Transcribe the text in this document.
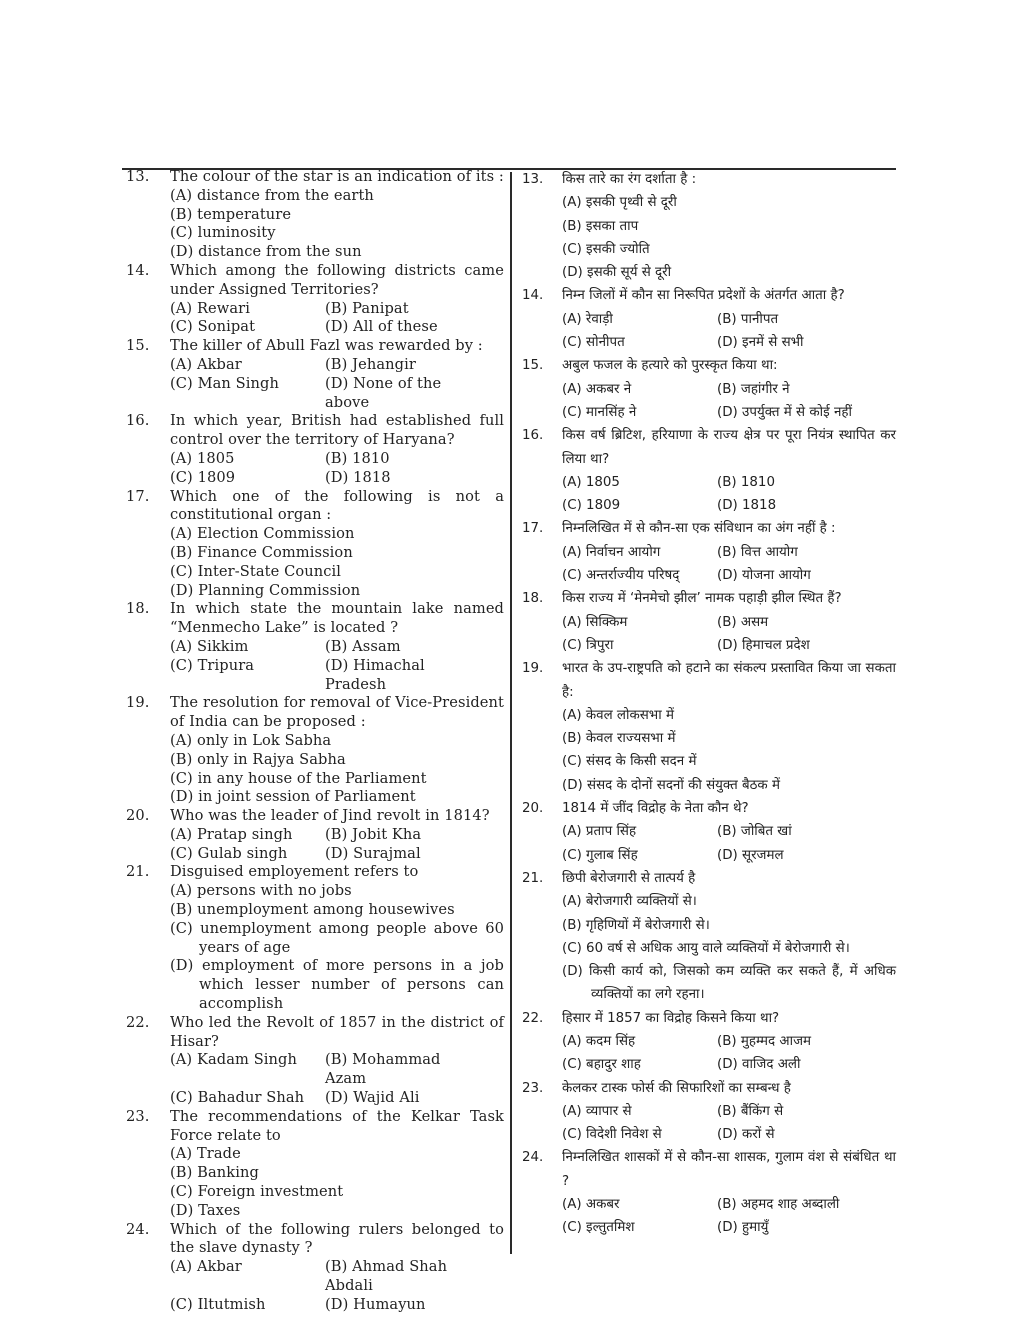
13. The colour of the star is an indication of its :
(A) distance from the earth
(B) temperature
(C) luminosity
(D) distance from the sun
14. Which among the following districts came under Assigned Territories?
(A) Rewari	(B) Panipat
(C) Sonipat	(D) All of these
15. The killer of Abull Fazl was rewarded by :
(A) Akbar	(B) Jehangir
(C) Man Singh	(D) None of the above
16. In which year, British had established full control over the territory of Haryana?
(A) 1805	(B) 1810
(C) 1809	(D) 1818
17. Which one of the following is not a constitutional organ :
(A) Election Commission
(B) Finance Commission
(C) Inter-State Council
(D) Planning Commission
18. In which state the mountain lake named “Menmecho Lake” is located ?
(A) Sikkim	(B) Assam
(C) Tripura	(D) Himachal Pradesh
19. The resolution for removal of Vice-President of India can be proposed :
(A) only in Lok Sabha
(B) only in Rajya Sabha
(C) in any house of the Parliament
(D) in joint session of Parliament
20. Who was the leader of Jind revolt in 1814?
(A) Pratap singh	(B) Jobit Kha
(C) Gulab singh	(D) Surajmal
21. Disguised employement refers to
(A) persons with no jobs
(B) unemployment among housewives
(C) unemployment among people above 60 years of age
(D) employment of more persons in a job which lesser number of persons can accomplish
22. Who led the Revolt of 1857 in the district of Hisar?
(A) Kadam Singh	(B) Mohammad Azam
(C) Bahadur Shah	(D) Wajid Ali
23. The recommendations of the Kelkar Task Force relate to
(A) Trade
(B) Banking
(C) Foreign investment
(D) Taxes
24. Which of the following rulers belonged to the slave dynasty ?
(A) Akbar	(B) Ahmad Shah Abdali
(C) Iltutmish	(D) Humayun
13. किस तारे का रंग दर्शाता है :
(A) इसकी पृथ्वी से दूरी
(B) इसका ताप
(C) इसकी ज्योति
(D) इसकी सूर्य से दूरी
14. निम्न जिलों में कौन सा निरूपित प्रदेशों के अंतर्गत आता है?
(A) रेवाड़ी	(B) पानीपत
(C) सोनीपत	(D) इनमें से सभी
15. अबुल फजल के हत्यारे को पुरस्कृत किया था:
(A) अकबर ने	(B) जहांगीर ने
(C) मानसिंह ने	(D) उपर्युक्त में से कोई नहीं
16. किस वर्ष ब्रिटिश, हरियाणा के राज्य क्षेत्र पर पूरा नियंत्र स्थापित कर लिया था?
(A) 1805	(B) 1810
(C) 1809	(D) 1818
17. निम्नलिखित में से कौन-सा एक संविधान का अंग नहीं है :
(A) निर्वाचन आयोग	(B) वित्त आयोग
(C) अन्तर्राज्यीय परिषद्	(D) योजना आयोग
18. किस राज्य में ‘मेनमेचो झील’ नामक पहाड़ी झील स्थित हैं?
(A) सिक्किम	(B) असम
(C) त्रिपुरा	(D) हिमाचल प्रदेश
19. भारत के उप-राष्ट्रपति को हटाने का संकल्प प्रस्तावित किया जा सकता है:
(A) केवल लोकसभा में
(B) केवल राज्यसभा में
(C) संसद के किसी सदन में
(D) संसद के दोनों सदनों की संयुक्त बैठक में
20. 1814 में जींद विद्रोह के नेता कौन थे?
(A) प्रताप सिंह	(B) जोबित खां
(C) गुलाब सिंह	(D) सूरजमल
21. छिपी बेरोजगारी से तात्पर्य है
(A) बेरोजगारी व्यक्तियों से।
(B) गृहिणियों में बेरोजगारी से।
(C) 60 वर्ष से अधिक आयु वाले व्यक्तियों में बेरोजगारी से।
(D) किसी कार्य को, जिसको कम व्यक्ति कर सकते हैं, में अधिक व्यक्तियों का लगे रहना।
22. हिसार में 1857 का विद्रोह किसने किया था?
(A) कदम सिंह	(B) मुहम्मद आजम
(C) बहादुर शाह	(D) वाजिद अली
23. केलकर टास्क फोर्स की सिफारिशों का सम्बन्ध है
(A) व्यापार से	(B) बैंकिंग से
(C) विदेशी निवेश से	(D) करों से
24. निम्नलिखित शासकों में से कौन-सा शासक, गुलाम वंश से संबंधित था ?
(A) अकबर	(B) अहमद शाह अब्दाली
(C) इल्तुतमिश	(D) हुमायुँ
